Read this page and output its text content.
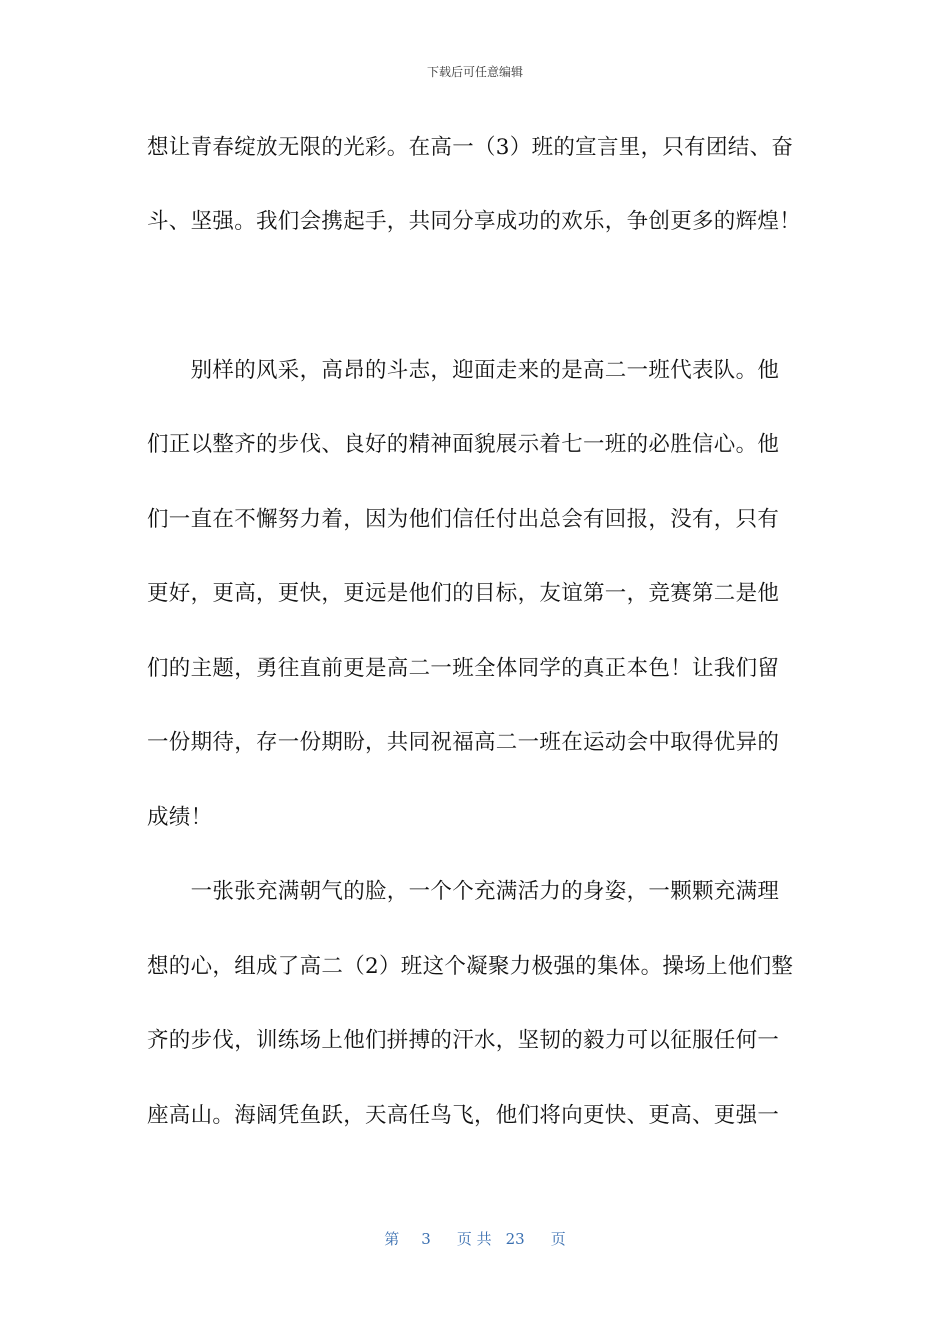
下载后可任意编辑
想让青春绽放无限的光彩。在高一（3）班的宣言里，只有团结、奋
斗、坚强。我们会携起手，共同分享成功的欢乐，争创更多的辉煌！
　　别样的风采，高昂的斗志，迎面走来的是高二一班代表队。他
们正以整齐的步伐、良好的精神面貌展示着七一班的必胜信心。他
们一直在不懈努力着，因为他们信任付出总会有回报，没有，只有
更好，更高，更快，更远是他们的目标，友谊第一，竞赛第二是他
们的主题，勇往直前更是高二一班全体同学的真正本色！让我们留
一份期待，存一份期盼，共同祝福高二一班在运动会中取得优异的
成绩！
　　一张张充满朝气的脸，一个个充满活力的身姿，一颗颗充满理
想的心，组成了高二（2）班这个凝聚力极强的集体。操场上他们整
齐的步伐，训练场上他们拼搏的汗水，坚韧的毅力可以征服任何一
座高山。海阔凭鱼跃，天高任鸟飞，他们将向更快、更高、更强一
第 3 页 共 23 页
